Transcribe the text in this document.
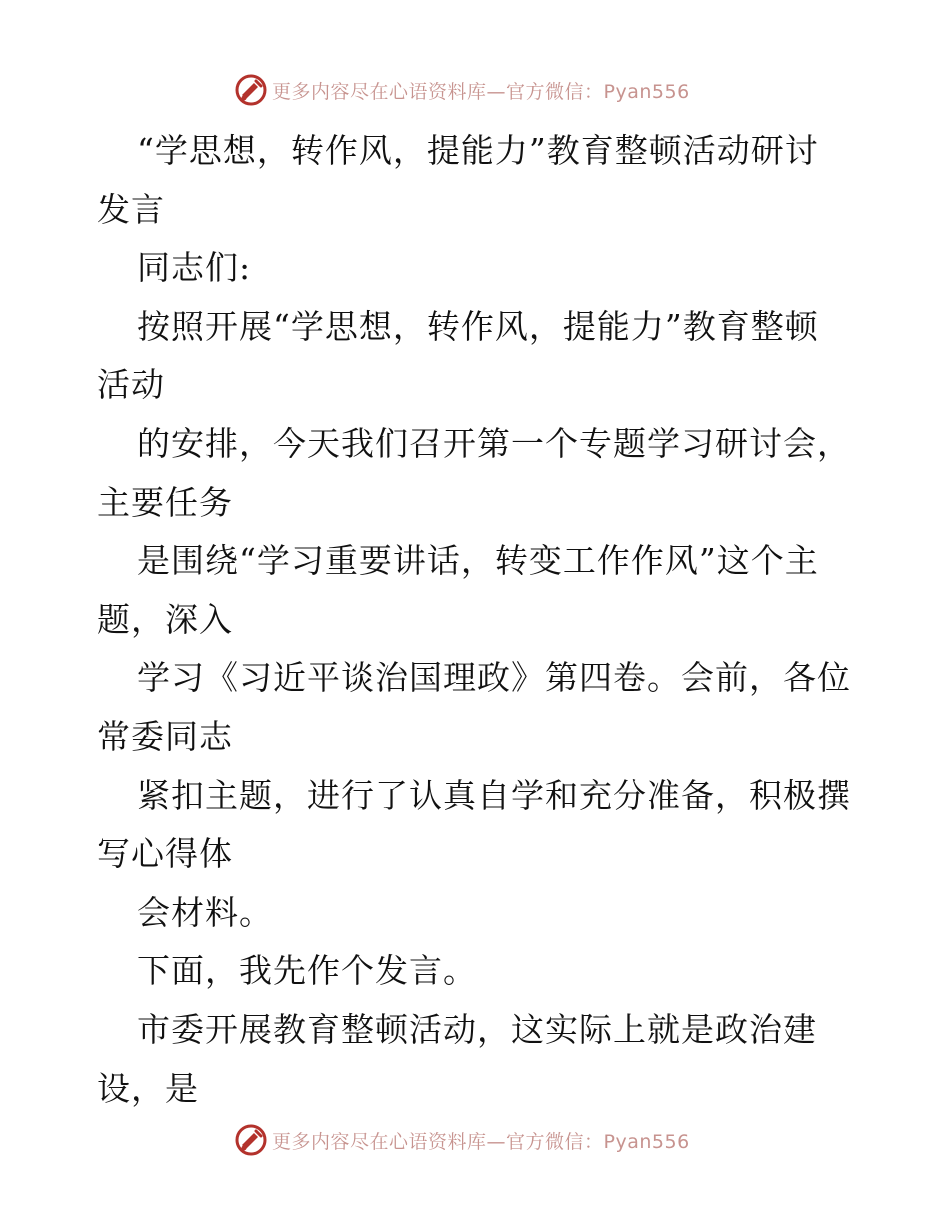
更多内容尽在心语资料库—官方微信：Pyan556
“学思想，转作风，提能力”教育整顿活动研讨
发言
同志们:
按照开展“学思想，转作风，提能力”教育整顿
活动
的安排，今天我们召开第一个专题学习研讨会，
主要任务
是围绕“学习重要讲话，转变工作作风”这个主
题，深入
学习《习近平谈治国理政》第四卷。会前，各位
常委同志
紧扣主题，进行了认真自学和充分准备，积极撰
写心得体
会材料。
下面，我先作个发言。
市委开展教育整顿活动，这实际上就是政治建
设，是
更多内容尽在心语资料库—官方微信：Pyan556
